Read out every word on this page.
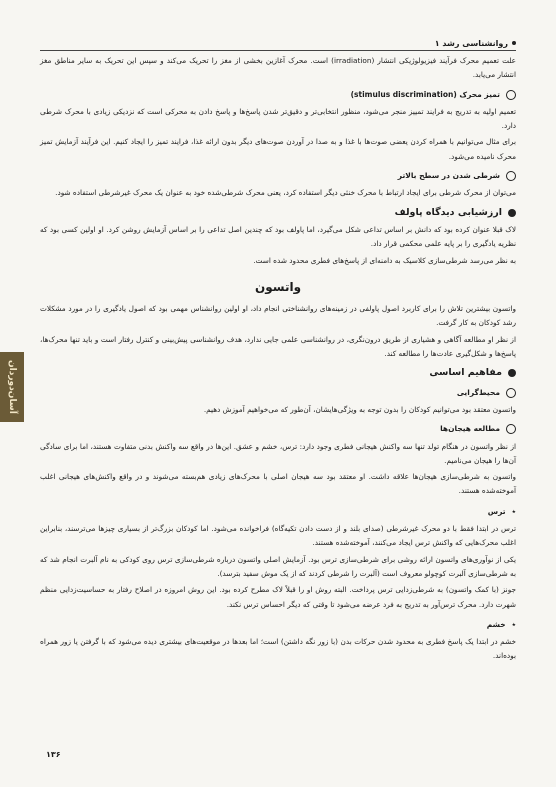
روانشناسی رشد ۱
آسان‌دوردان

علت تعمیم محرک فرآیند فیزیولوژیکی انتشار (irradiation) است. محرک آغازین بخشی از مغز را تحریک می‌کند و سپس این تحریک به سایر مناطق مغز انتشار می‌یابد.

تمیز محرک (stimulus discrimination)

تعمیم اولیه به تدریج به فرایند تمییز منجر می‌شود، منظور انتخابی‌تر و دقیق‌تر شدن پاسخ‌ها و پاسخ دادن به محرکی است که نزدیکی زیادی با محرک شرطی دارد.

برای مثال می‌توانیم با همراه کردن یعضی صوت‌ها با غذا و به صدا در آوردن صوت‌های دیگر بدون ارائه غذا، فرایند تمیز را ایجاد کنیم. این فرآیند آزمایش تمیز محرک نامیده می‌شود.

شرطی شدن در سطح بالاتر

می‌توان از محرک شرطی برای ایجاد ارتباط با محرک خنثی دیگر استفاده کرد، یعنی محرک شرطی‌شده خود به عنوان یک محرک غیرشرطی استفاده شود.

ارزشیابی دیدگاه پاولف

لاک قبلا عنوان کرده بود که دانش بر اساس تداعی شکل می‌گیرد، اما پاولف بود که چندین اصل تداعی را بر اساس آزمایش روشن کرد. او اولین کسی بود که نظریه یادگیری را بر پایه علمی محکمی قرار داد.

به نظر می‌رسد شرطی‌سازی کلاسیک به دامنه‌ای از پاسخ‌های فطری محدود شده است.

واتسون

واتسون بیشترین تلاش را برای کاربرد اصول پاولفی در زمینه‌های روانشناختی انجام داد، او اولین روانشناس مهمی بود که اصول یادگیری را در مورد مشکلات رشد کودکان به کار گرفت.

از نظر او مطالعه آگاهی و هشیاری از طریق درون‌نگری، در روانشناسی علمی جایی ندارد، هدف روانشناسی پیش‌بینی و کنترل رفتار است و باید تنها محرک‌ها، پاسخ‌ها و شکل‌گیری عادت‌ها را مطالعه کند.

مفاهیم اساسی
محیط‌گرایی

واتسون معتقد بود می‌توانیم کودکان را بدون توجه به ویژگی‌هایشان، آن‌طور که می‌خواهیم آموزش دهیم.

مطالعه هیجان‌ها

از نظر واتسون در هنگام تولد تنها سه واکنش هیجانی فطری وجود دارد: ترس، خشم و عشق. این‌ها در واقع سه واکنش بدنی متفاوت هستند، اما برای سادگی آن‌ها را هیجان می‌نامیم.

واتسون به شرطی‌سازی هیجان‌ها علاقه داشت. او معتقد بود سه هیجان اصلی با محرک‌های زیادی هم‌بسته می‌شوند و در واقع واکنش‌های هیجانی اغلب آموخته‌شده هستند.

٭
ترس

ترس در ابتدا فقط با دو محرک غیرشرطی (صدای بلند و از دست دادن تکیه‌گاه) فراخوانده می‌شود. اما کودکان بزرگ‌تر از بسیاری چیزها می‌ترسند، بنابراین اغلب محرک‌هایی که واکنش ترس ایجاد می‌کنند، آموخته‌شده هستند.

یکی از نوآوری‌های واتسون ارائه روشی برای شرطی‌سازی ترس بود. آزمایش اصلی واتسون درباره شرطی‌سازی ترس روی کودکی به نام آلبرت انجام شد که به شرطی‌سازی آلبرت کوچولو معروف است (آلبرت را شرطی کردند که از یک موش سفید بترسد).

جونز (با کمک واتسون) به شرطی‌زدایی ترس پرداخت. البته روش او را قبلاً لاک مطرح کرده بود. این روش امروزه در اصلاح رفتار به حساسیت‌زدایی منظم شهرت دارد. محرک ترس‌آور به تدریج به فرد عرضه می‌شود تا وقتی که دیگر احساس ترس نکند.

٭
خشم

خشم در ابتدا یک پاسخ فطری به محدود شدن حرکات بدن (با زور نگه داشتن) است؛ اما بعدها در موقعیت‌های بیشتری دیده می‌شود که با گرفتن یا زور همراه بوده‌اند.

۱۳۶
